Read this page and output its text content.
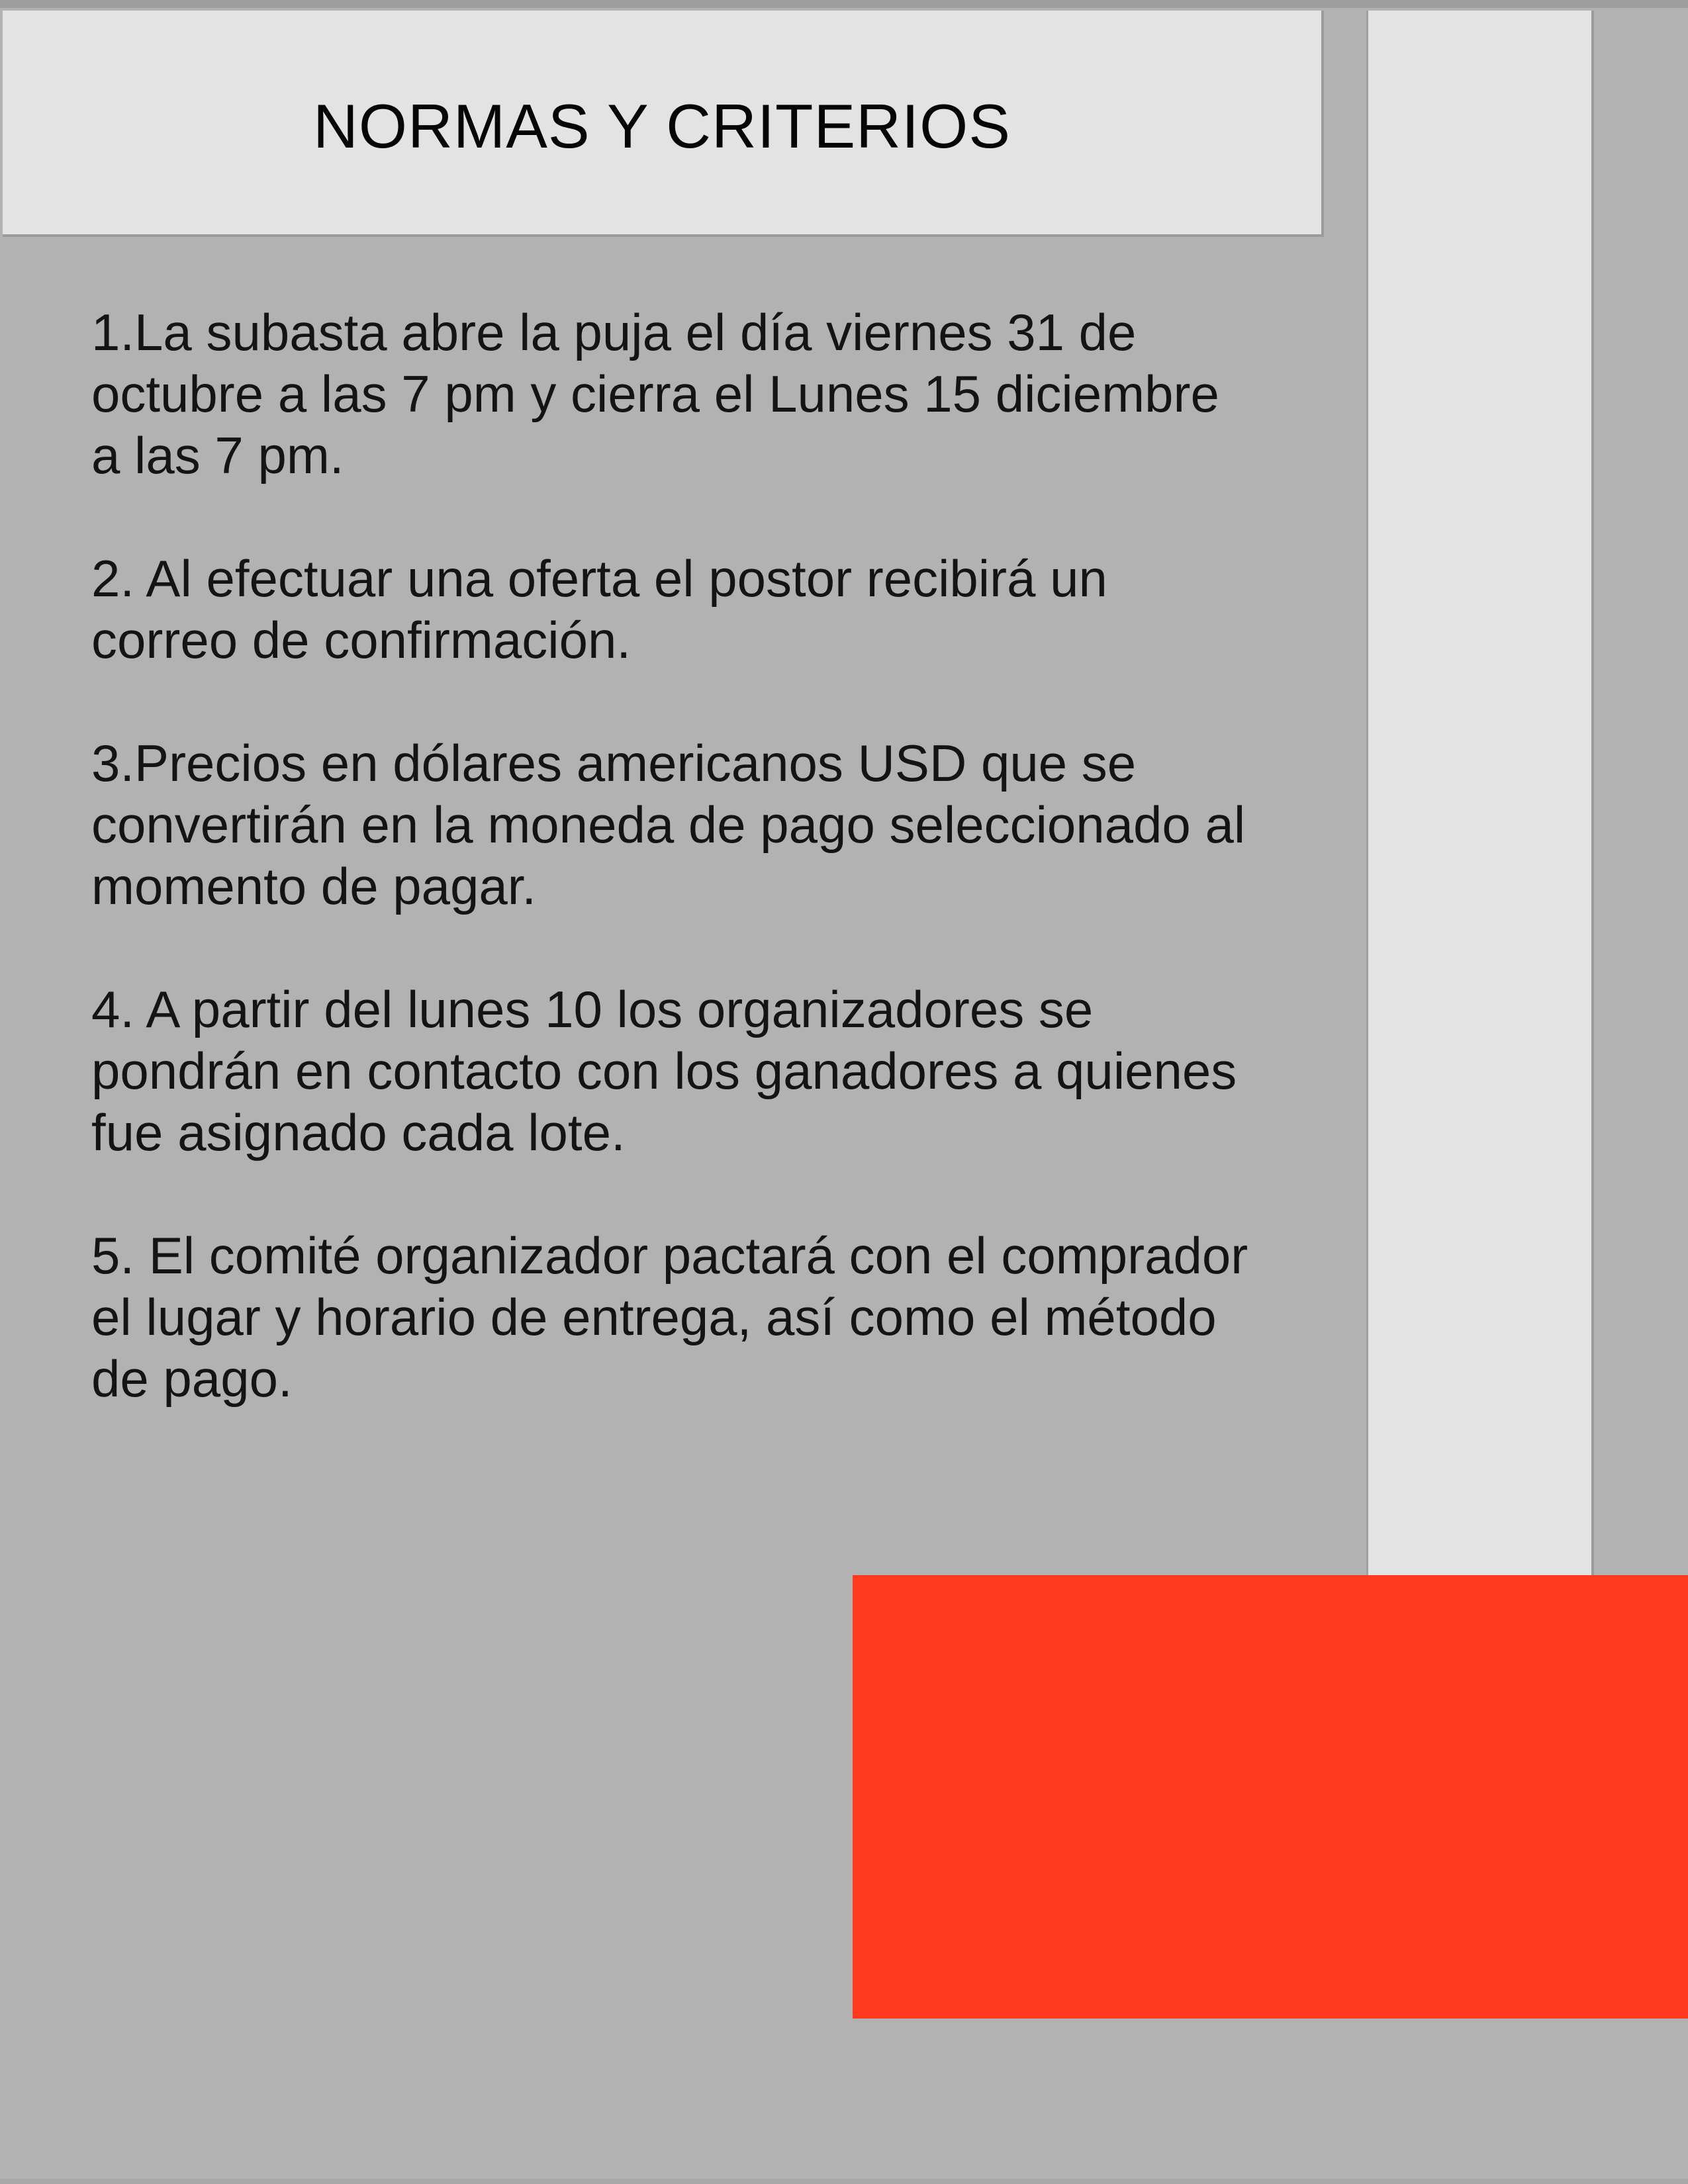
NORMAS Y CRITERIOS
1.La subasta abre la puja el día viernes 31 de
octubre a las 7 pm y cierra el Lunes 15 diciembre
a las 7 pm.
2. Al efectuar una oferta el postor recibirá un
correo de confirmación.
3.Precios en dólares americanos USD que se
convertirán en la moneda de pago seleccionado al
momento de pagar.
4. A partir del lunes 10 los organizadores se
pondrán en contacto con los ganadores a quienes
fue asignado cada lote.
5. El comité organizador pactará con el comprador
el lugar y horario de entrega, así como el método
de pago.
